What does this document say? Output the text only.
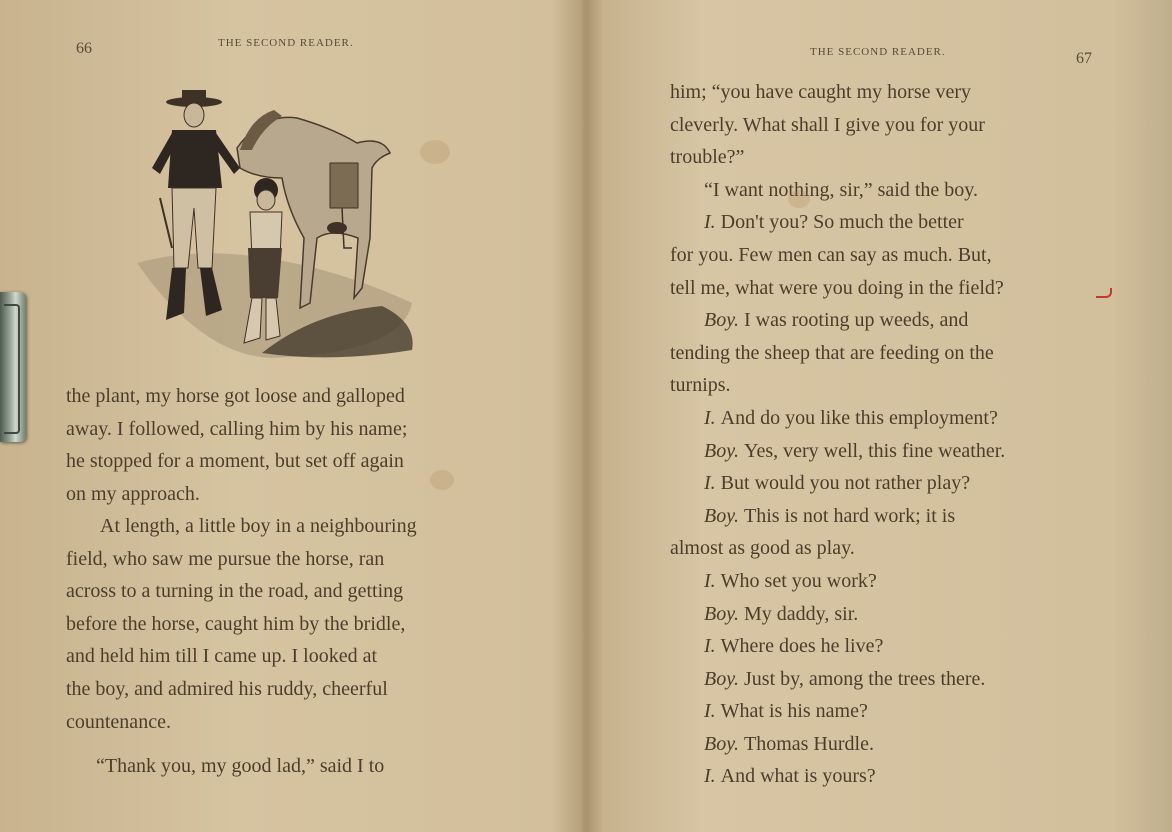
66	THE SECOND READER.
the plant, my horse got loose and galloped
away. I followed, calling him by his name;
he stopped for a moment, but set off again
on my approach.
At length, a little boy in a neighbouring
field, who saw me pursue the horse, ran
across to a turning in the road, and getting
before the horse, caught him by the bridle,
and held him till I came up. I looked at
the boy, and admired his ruddy, cheerful
countenance.
“Thank you, my good lad,” said I to
THE SECOND READER.	67
him; “you have caught my horse very
cleverly. What shall I give you for your
trouble?”
“I want nothing, sir,” said the boy.
I. Don't you? So much the better
for you. Few men can say as much. But,
tell me, what were you doing in the field?
Boy. I was rooting up weeds, and
tending the sheep that are feeding on the
turnips.
I. And do you like this employment?
Boy. Yes, very well, this fine weather.
I. But would you not rather play?
Boy. This is not hard work; it is
almost as good as play.
I. Who set you work?
Boy. My daddy, sir.
I. Where does he live?
Boy. Just by, among the trees there.
I. What is his name?
Boy. Thomas Hurdle.
I. And what is yours?
